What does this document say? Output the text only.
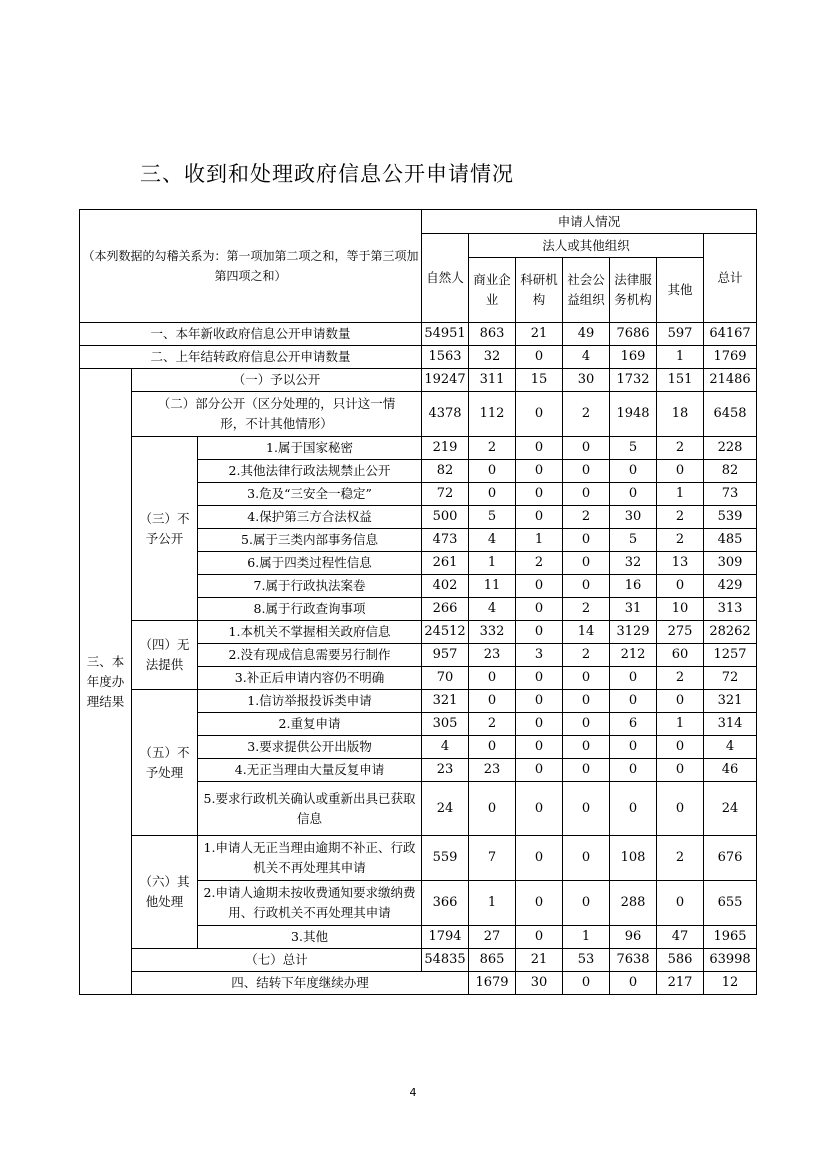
三、收到和处理政府信息公开申请情况
（本列数据的勾稽关系为：第一项加第二项之和，等于第三项加第四项之和）			申请人情况							
			自然人	法人或其他组织					总计	
				商业企业	科研机构	社会公益组织	法律服务机构	其他		
一、本年新收政府信息公开申请数量			54951	863	21	49	7686	597	64167	
二、上年结转政府信息公开申请数量			1563	32	0	4	169	1	1769	
三、本年度办理结果	（一）予以公开		19247	311	15	30	1732	151	21486	
	（二）部分公开（区分处理的，只计这一情形，不计其他情形）		4378	112	0	2	1948	18	6458	
	（三）不予公开	1.属于国家秘密	219	2	0	0	5	2	228	
		2.其他法律行政法规禁止公开	82	0	0	0	0	0	82	
		3.危及“三安全一稳定”	72	0	0	0	0	1	73	
		4.保护第三方合法权益	500	5	0	2	30	2	539	
		5.属于三类内部事务信息	473	4	1	0	5	2	485	
		6.属于四类过程性信息	261	1	2	0	32	13	309	
		7.属于行政执法案卷	402	11	0	0	16	0	429	
		8.属于行政查询事项	266	4	0	2	31	10	313	
	（四）无法提供	1.本机关不掌握相关政府信息	24512	332	0	14	3129	275	28262	
		2.没有现成信息需要另行制作	957	23	3	2	212	60	1257	
		3.补正后申请内容仍不明确	70	0	0	0	0	2	72	
	（五）不予处理	1.信访举报投诉类申请	321	0	0	0	0	0	321	
		2.重复申请	305	2	0	0	6	1	314	
		3.要求提供公开出版物	4	0	0	0	0	0	4	
		4.无正当理由大量反复申请	23	23	0	0	0	0	46	
		5.要求行政机关确认或重新出具已获取信息	24	0	0	0	0	0	24	
	（六）其他处理	1.申请人无正当理由逾期不补正、行政机关不再处理其申请	559	7	0	0	108	2	676	
		2.申请人逾期未按收费通知要求缴纳费用、行政机关不再处理其申请	366	1	0	0	288	0	655	
		3.其他	1794	27	0	1	96	47	1965	
	（七）总计		54835	865	21	53	7638	586	63998	
	四、结转下年度继续办理			1679	30	0	0	217	12	
4
